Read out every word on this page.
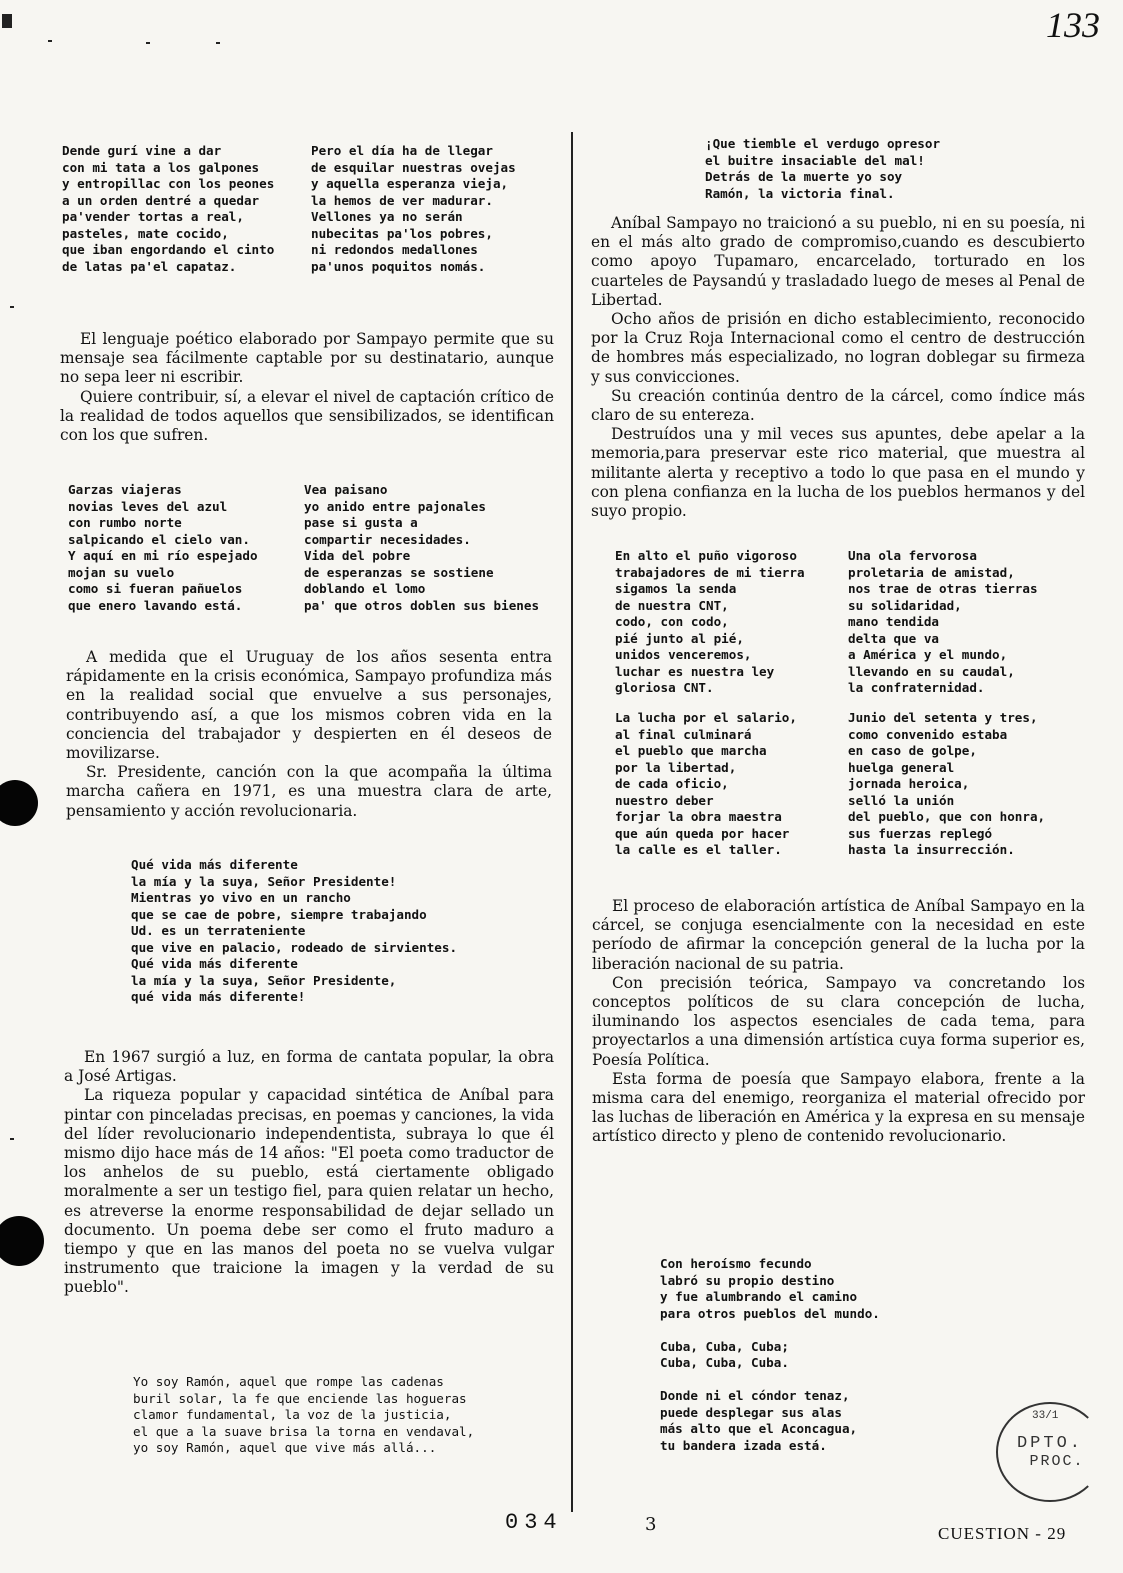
133
Dende gurí vine a dar
con mi tata a los galpones
y entropillac con los peones
a un orden dentré a quedar
pa'vender tortas a real,
pasteles, mate cocido,
que iban engordando el cinto
de latas pa'el capataz.
Pero el día ha de llegar
de esquilar nuestras ovejas
y aquella esperanza vieja,
la hemos de ver madurar.
Vellones ya no serán
nubecitas pa'los pobres,
ni redondos medallones
pa'unos poquitos nomás.

El lenguaje poético elaborado por Sampayo permite que su mensaje sea fácilmente captable por su destinatario, aunque no sepa leer ni escribir.

Quiere contribuir, sí, a elevar el nivel de captación crítico de la realidad de todos aquellos que sensibilizados, se identifican con los que sufren.

Garzas viajeras
novias leves del azul
con rumbo norte
salpicando el cielo van.
Y aquí en mi río espejado
mojan su vuelo
como si fueran pañuelos
que enero lavando está.
Vea paisano
yo anido entre pajonales
pase si gusta a
compartir necesidades.
Vida del pobre
de esperanzas se sostiene
doblando el lomo
pa' que otros doblen sus bienes

A medida que el Uruguay de los años sesenta entra rápidamente en la crisis económica, Sampayo profundiza más en la realidad social que envuelve a sus personajes, contribuyendo así, a que los mismos cobren vida en la conciencia del trabajador y despierten en él deseos de movilizarse.

Sr. Presidente, canción con la que acompaña la última marcha cañera en 1971, es una muestra clara de arte, pensamiento y acción revolucionaria.

Qué vida más diferente
la mía y la suya, Señor Presidente!
Mientras yo vivo en un rancho
que se cae de pobre, siempre trabajando
Ud. es un terrateniente
que vive en palacio, rodeado de sirvientes.
Qué vida más diferente
la mía y la suya, Señor Presidente,
qué vida más diferente!

En 1967 surgió a luz, en forma de cantata popular, la obra a José Artigas.

La riqueza popular y capacidad sintética de Aníbal para pintar con pinceladas precisas, en poemas y canciones, la vida del líder revolucionario independentista, subraya lo que él mismo dijo hace más de 14 años: "El poeta como traductor de los anhelos de su pueblo, está ciertamente obligado moralmente a ser un testigo fiel, para quien relatar un hecho, es atreverse la enorme responsabilidad de dejar sellado un documento. Un poema debe ser como el fruto maduro a tiempo y que en las manos del poeta no se vuelva vulgar instrumento que traicione la imagen y la verdad de su pueblo".

Yo soy Ramón, aquel que rompe las cadenas
buril solar, la fe que enciende las hogueras
clamor fundamental, la voz de la justicia,
el que a la suave brisa la torna en vendaval,
yo soy Ramón, aquel que vive más allá...
¡Que tiemble el verdugo opresor
el buitre insaciable del mal!
Detrás de la muerte yo soy
Ramón, la victoria final.

Aníbal Sampayo no traicionó a su pueblo, ni en su poesía, ni en el más alto grado de compromiso,cuando es descubierto como apoyo Tupamaro, encarcelado, torturado en los cuarteles de Paysandú y trasladado luego de meses al Penal de Libertad.

Ocho años de prisión en dicho establecimiento, reconocido por la Cruz Roja Internacional como el centro de destrucción de hombres más especializado, no logran doblegar su firmeza y sus convicciones.

Su creación continúa dentro de la cárcel, como índice más claro de su entereza.

Destruídos una y mil veces sus apuntes, debe apelar a la memoria,para preservar este rico material, que muestra al militante alerta y receptivo a todo lo que pasa en el mundo y con plena confianza en la lucha de los pueblos hermanos y del suyo propio.

En alto el puño vigoroso
trabajadores de mi tierra
sigamos la senda
de nuestra CNT,
codo, con codo,
pié junto al pié,
unidos venceremos,
luchar es nuestra ley
gloriosa CNT.
Una ola fervorosa
proletaria de amistad,
nos trae de otras tierras
su solidaridad,
mano tendida
delta que va
a América y el mundo,
llevando en su caudal,
la confraternidad.
La lucha por el salario,
al final culminará
el pueblo que marcha
por la libertad,
de cada oficio,
nuestro deber
forjar la obra maestra
que aún queda por hacer
la calle es el taller.
Junio del setenta y tres,
como convenido estaba
en caso de golpe,
huelga general
jornada heroica,
selló la unión
del pueblo, que con honra,
sus fuerzas replegó
hasta la insurrección.

El proceso de elaboración artística de Aníbal Sampayo en la cárcel, se conjuga esencialmente con la necesidad en este período de afirmar la concepción general de la lucha por la liberación nacional de su patria.

Con precisión teórica, Sampayo va concretando los conceptos políticos de su clara concepción de lucha, iluminando los aspectos esenciales de cada tema, para proyectarlos a una dimensión artística cuya forma superior es, Poesía Política.

Esta forma de poesía que Sampayo elabora, frente a la misma cara del enemigo, reorganiza el material ofrecido por las luchas de liberación en América y la expresa en su mensaje artístico directo y pleno de contenido revolucionario.

Con heroísmo fecundo
labró su propio destino
y fue alumbrando el camino
para otros pueblos del mundo.

Cuba, Cuba, Cuba;
Cuba, Cuba, Cuba.

Donde ni el cóndor tenaz,
puede desplegar sus alas
más alto que el Aconcagua,
tu bandera izada está.
33/1
DPTO.
PROC.
034	3	CUESTION - 29
